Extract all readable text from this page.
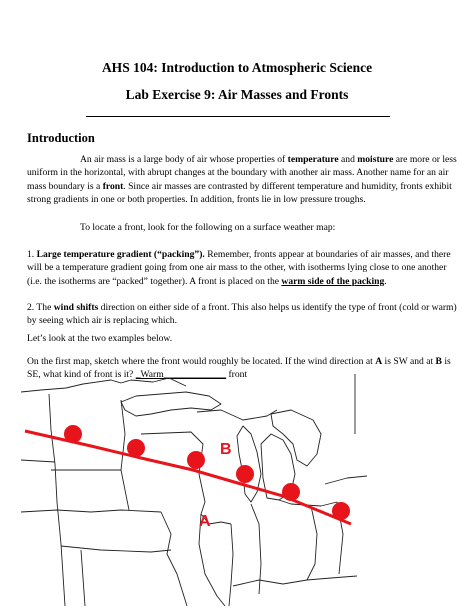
AHS 104: Introduction to Atmospheric Science
Lab Exercise 9: Air Masses and Fronts
Introduction

An air mass is a large body of air whose properties of temperature and moisture are more or less uniform in the horizontal, with abrupt changes at the boundary with another air mass. Another name for an air mass boundary is a front. Since air masses are contrasted by different temperature and humidity, fronts exhibit strong gradients in one or both properties. In addition, fronts lie in low pressure troughs.

To locate a front, look for the following on a surface weather map:

1. Large temperature gradient (“packing”). Remember, fronts appear at boundaries of air masses, and there will be a temperature gradient going from one air mass to the other, with isotherms lying close to one another (i.e. the isotherms are “packed” together). A front is placed on the warm side of the packing.

2. The wind shifts direction on either side of a front. This also helps us identify the type of front (cold or warm) by seeing which air is replacing which.

Let’s look at the two examples below.

On the first map, sketch where the front would roughly be located. If the wind direction at A is SW and at B is SE, what kind of front is it? _Warm_____________ front

B
A
